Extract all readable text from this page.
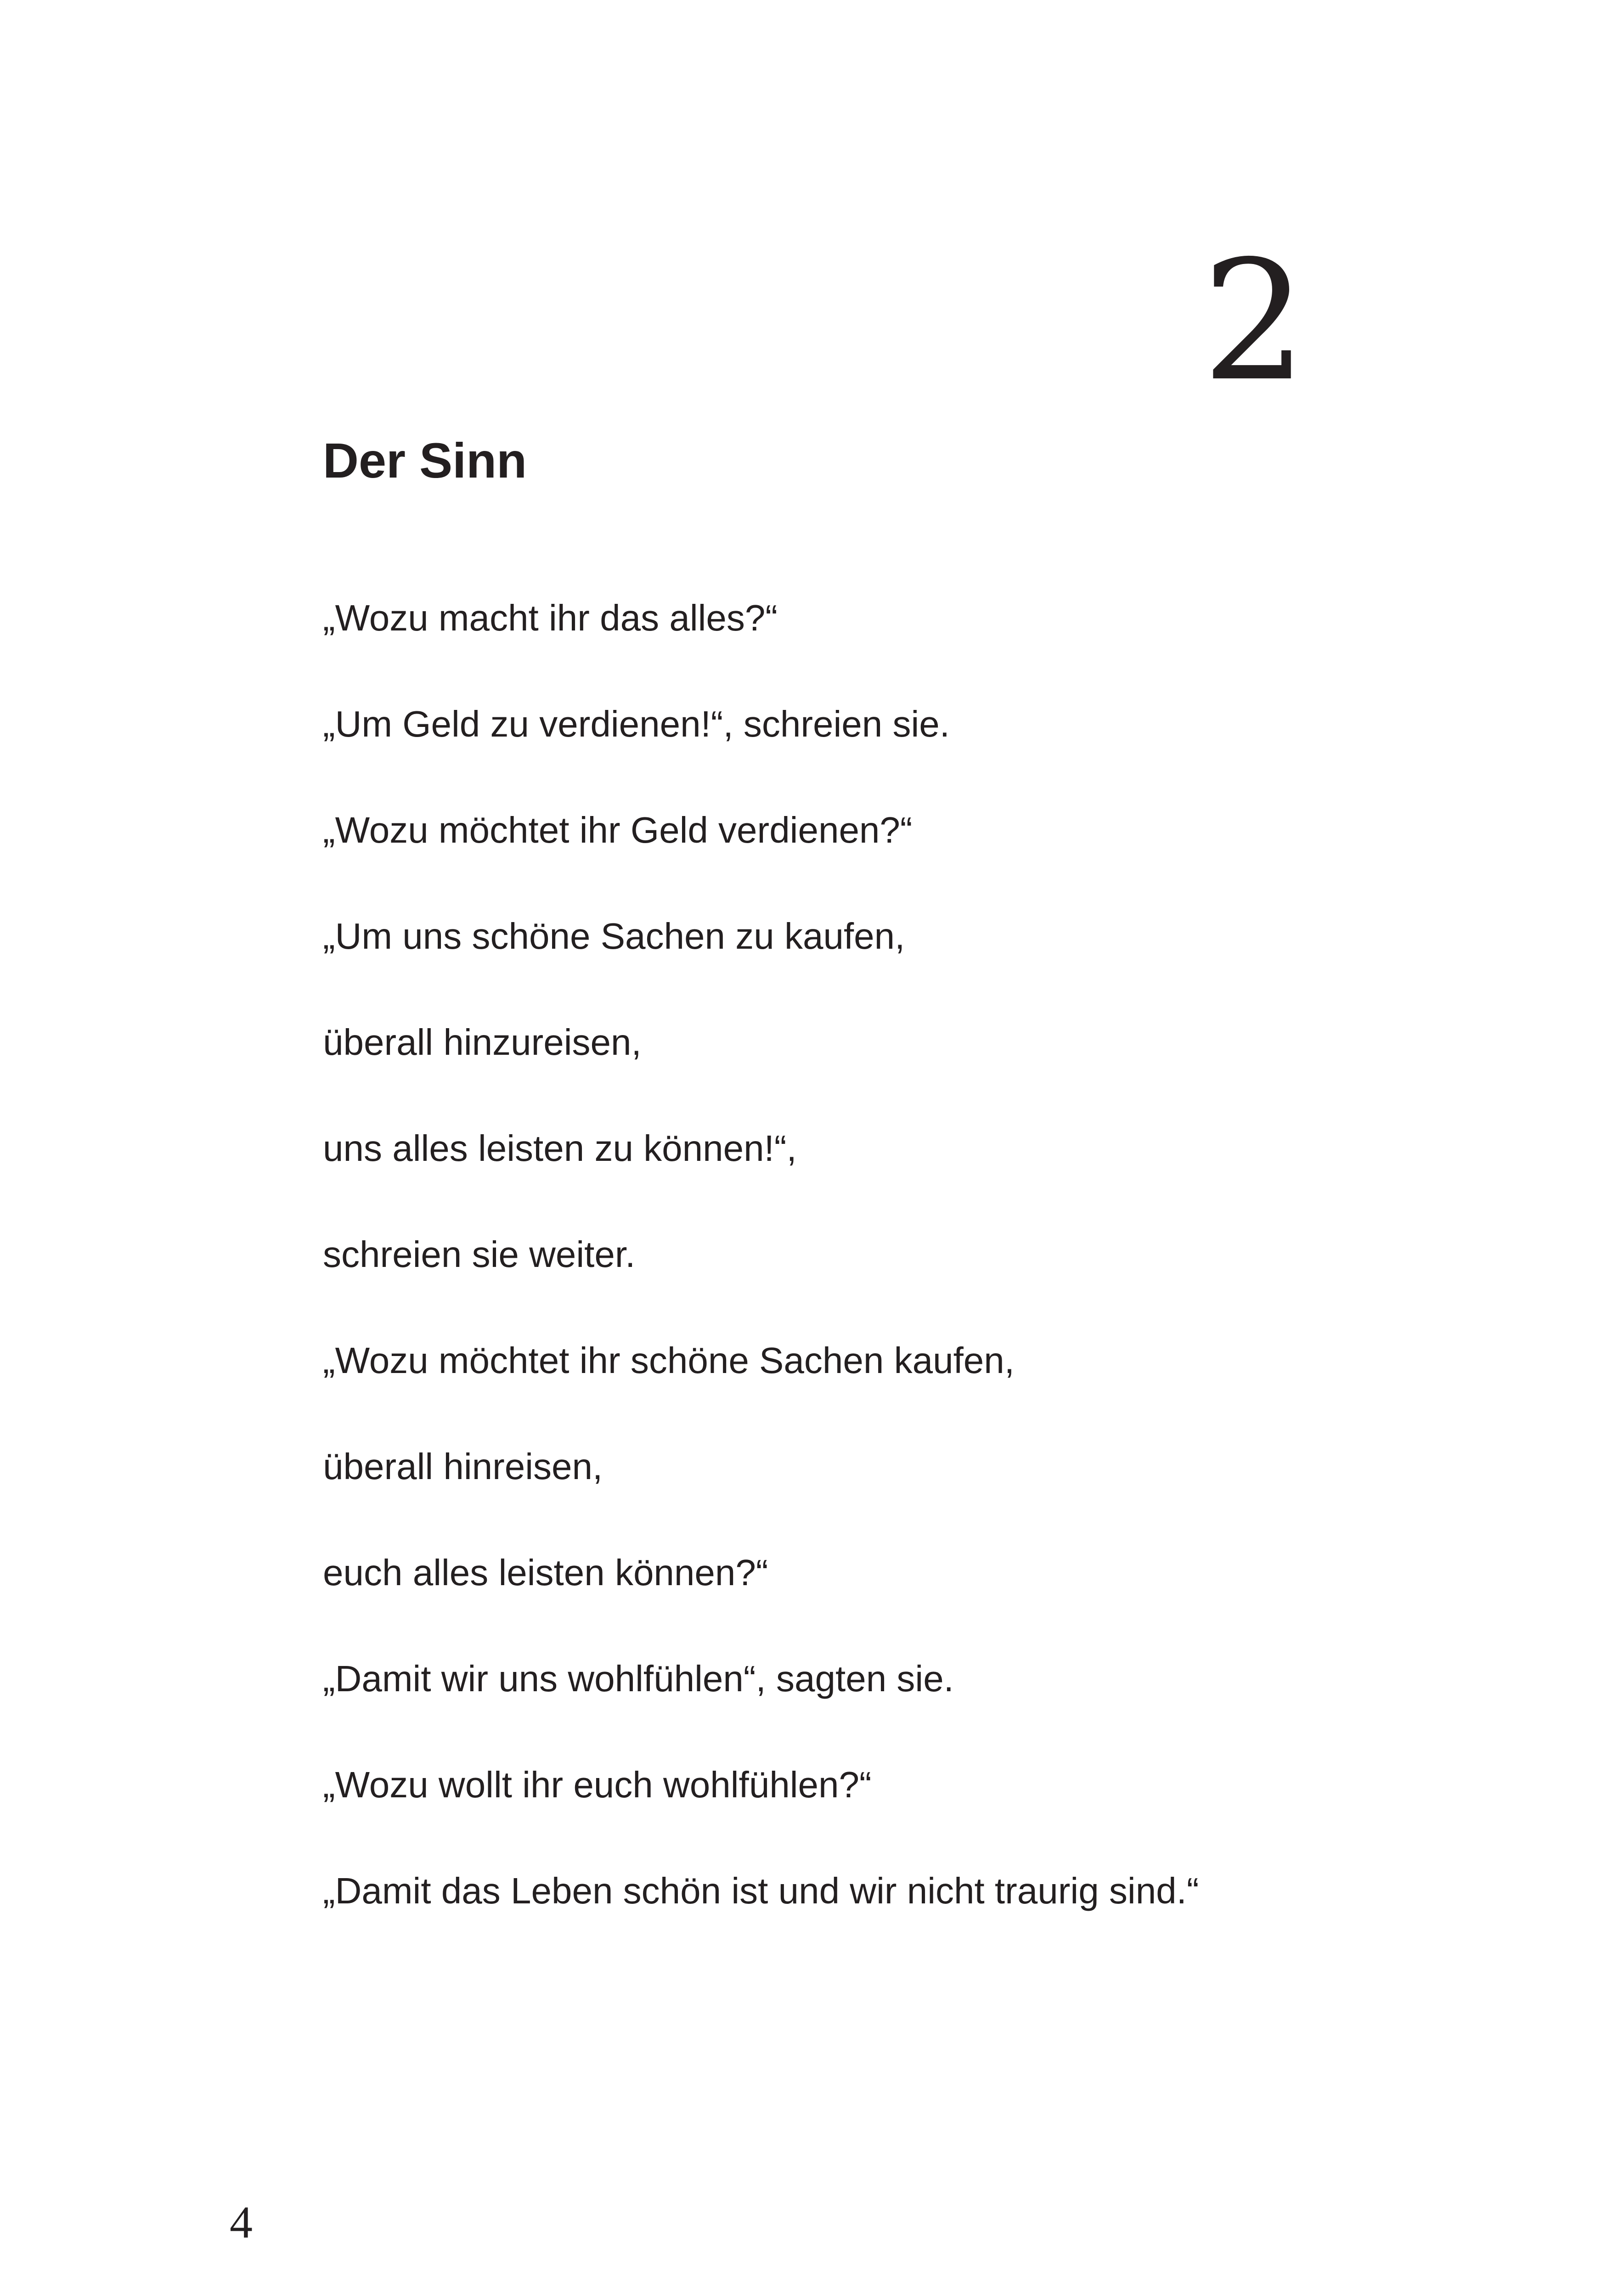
2
Der Sinn
„Wozu macht ihr das alles?“
„Um Geld zu verdienen!“, schreien sie.
„Wozu möchtet ihr Geld verdienen?“
„Um uns schöne Sachen zu kaufen,
überall hinzureisen,
uns alles leisten zu können!“,
schreien sie weiter.
„Wozu möchtet ihr schöne Sachen kaufen,
überall hinreisen,
euch alles leisten können?“
„Damit wir uns wohlfühlen“, sagten sie.
„Wozu wollt ihr euch wohlfühlen?“
„Damit das Leben schön ist und wir nicht traurig sind.“
4
